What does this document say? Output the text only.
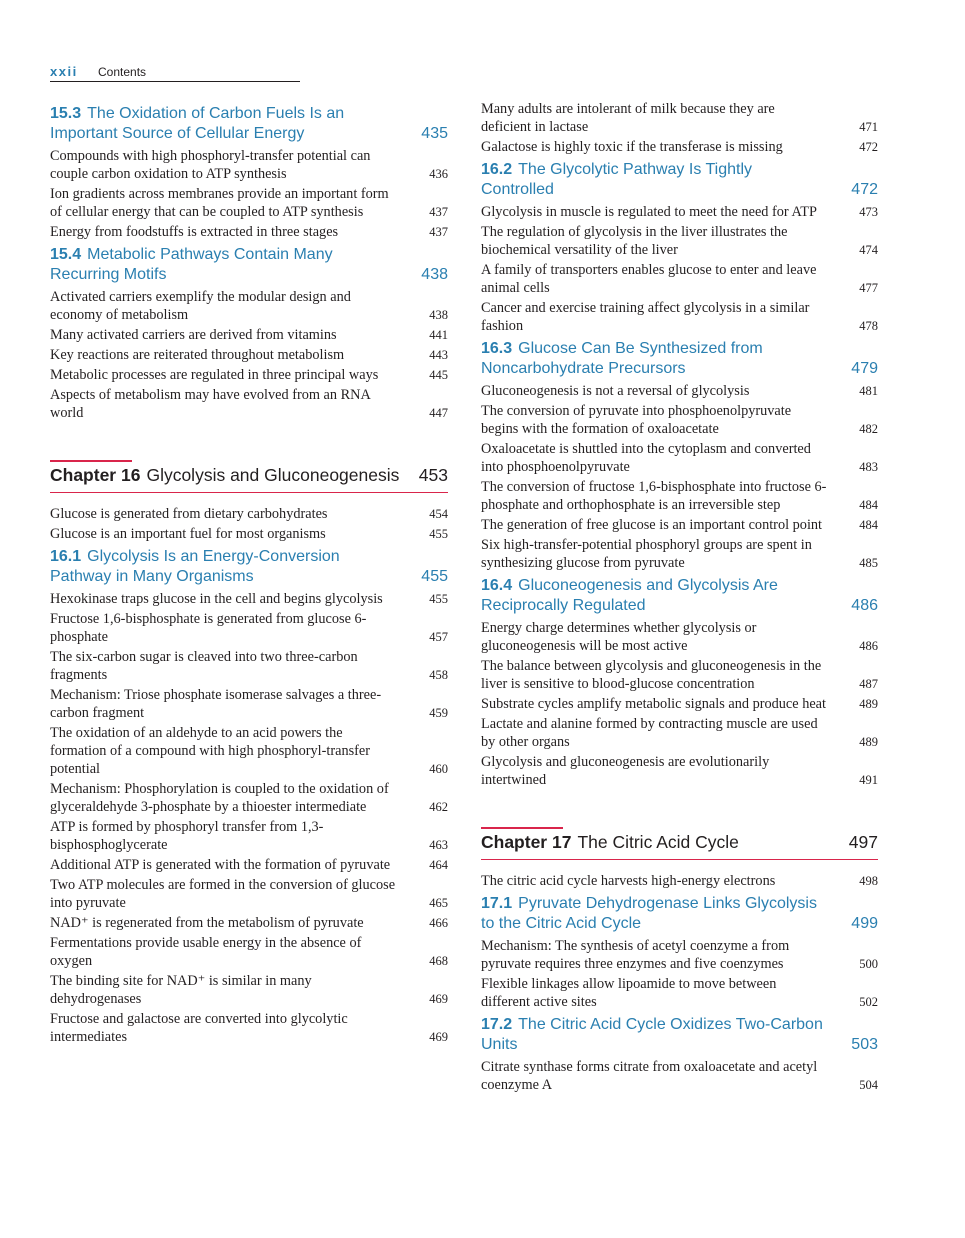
xxii Contents
15.3 The Oxidation of Carbon Fuels Is an Important Source of Cellular Energy	435
Compounds with high phosphoryl-transfer potential can couple carbon oxidation to ATP synthesis	436
Ion gradients across membranes provide an important form of cellular energy that can be coupled to ATP synthesis	437
Energy from foodstuffs is extracted in three stages	437
15.4 Metabolic Pathways Contain Many Recurring Motifs	438
Activated carriers exemplify the modular design and economy of metabolism	438
Many activated carriers are derived from vitamins	441
Key reactions are reiterated throughout metabolism	443
Metabolic processes are regulated in three principal ways	445
Aspects of metabolism may have evolved from an RNA world	447
Chapter 16 Glycolysis and Gluconeogenesis 453
Glucose is generated from dietary carbohydrates	454
Glucose is an important fuel for most organisms	455
16.1 Glycolysis Is an Energy-Conversion Pathway in Many Organisms	455
Hexokinase traps glucose in the cell and begins glycolysis	455
Fructose 1,6-bisphosphate is generated from glucose 6-phosphate	457
The six-carbon sugar is cleaved into two three-carbon fragments	458
Mechanism: Triose phosphate isomerase salvages a three-carbon fragment	459
The oxidation of an aldehyde to an acid powers the formation of a compound with high phosphoryl-transfer potential	460
Mechanism: Phosphorylation is coupled to the oxidation of glyceraldehyde 3-phosphate by a thioester intermediate	462
ATP is formed by phosphoryl transfer from 1,3-bisphosphoglycerate	463
Additional ATP is generated with the formation of pyruvate	464
Two ATP molecules are formed in the conversion of glucose into pyruvate	465
NAD⁺ is regenerated from the metabolism of pyruvate	466
Fermentations provide usable energy in the absence of oxygen	468
The binding site for NAD⁺ is similar in many dehydrogenases	469
Fructose and galactose are converted into glycolytic intermediates	469
Many adults are intolerant of milk because they are deficient in lactase	471
Galactose is highly toxic if the transferase is missing	472
16.2 The Glycolytic Pathway Is Tightly Controlled	472
Glycolysis in muscle is regulated to meet the need for ATP	473
The regulation of glycolysis in the liver illustrates the biochemical versatility of the liver	474
A family of transporters enables glucose to enter and leave animal cells	477
Cancer and exercise training affect glycolysis in a similar fashion	478
16.3 Glucose Can Be Synthesized from Noncarbohydrate Precursors	479
Gluconeogenesis is not a reversal of glycolysis	481
The conversion of pyruvate into phosphoenolpyruvate begins with the formation of oxaloacetate	482
Oxaloacetate is shuttled into the cytoplasm and converted into phosphoenolpyruvate	483
The conversion of fructose 1,6-bisphosphate into fructose 6-phosphate and orthophosphate is an irreversible step	484
The generation of free glucose is an important control point	484
Six high-transfer-potential phosphoryl groups are spent in synthesizing glucose from pyruvate	485
16.4 Gluconeogenesis and Glycolysis Are Reciprocally Regulated	486
Energy charge determines whether glycolysis or gluconeogenesis will be most active	486
The balance between glycolysis and gluconeogenesis in the liver is sensitive to blood-glucose concentration	487
Substrate cycles amplify metabolic signals and produce heat	489
Lactate and alanine formed by contracting muscle are used by other organs	489
Glycolysis and gluconeogenesis are evolutionarily intertwined	491
Chapter 17 The Citric Acid Cycle	497
The citric acid cycle harvests high-energy electrons	498
17.1 Pyruvate Dehydrogenase Links Glycolysis to the Citric Acid Cycle	499
Mechanism: The synthesis of acetyl coenzyme a from pyruvate requires three enzymes and five coenzymes	500
Flexible linkages allow lipoamide to move between different active sites	502
17.2 The Citric Acid Cycle Oxidizes Two-Carbon Units	503
Citrate synthase forms citrate from oxaloacetate and acetyl coenzyme A	504
